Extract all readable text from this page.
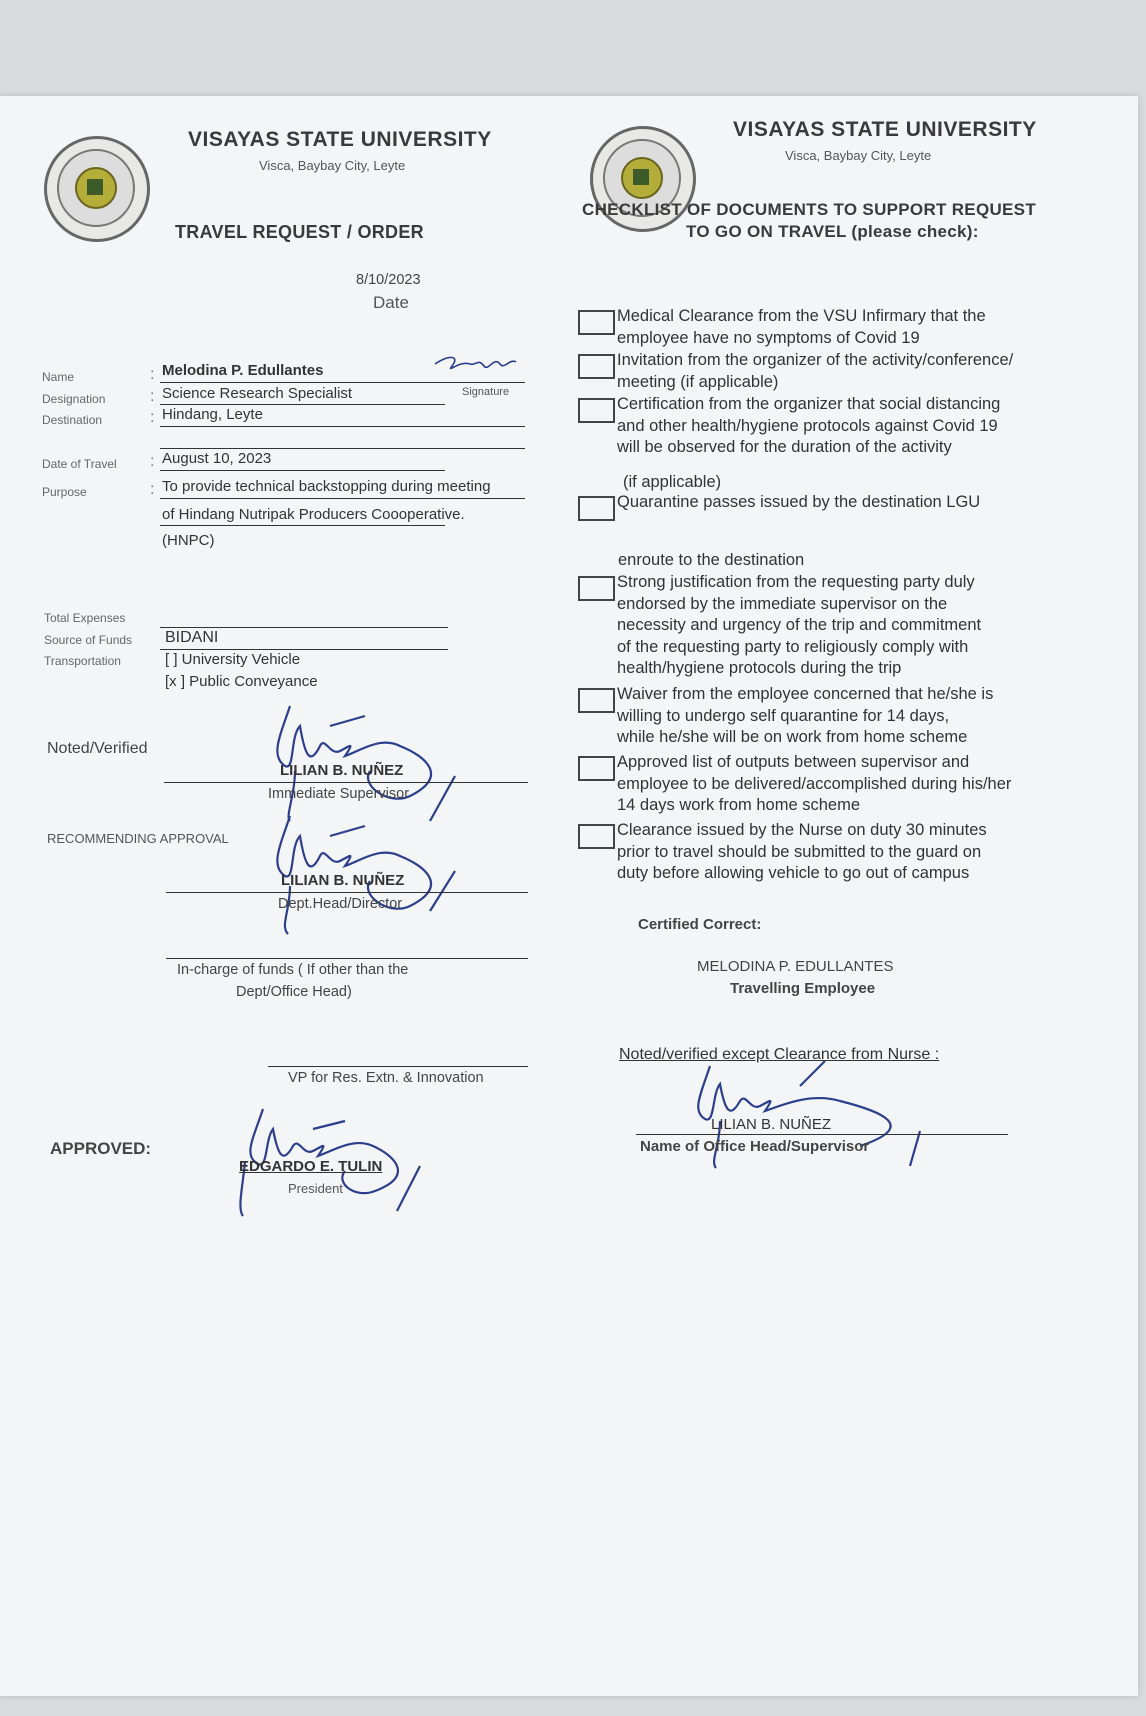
VISAYAS STATE UNIVERSITY
Visca, Baybay City, Leyte
TRAVEL REQUEST / ORDER
8/10/2023
Date
Name	: Melodina P. Edullantes
Signature
Designation	: Science Research Specialist
Destination	: Hindang, Leyte
Date of Travel : August 10, 2023
Purpose	: To provide technical backstopping during meeting
of Hindang Nutripak Producers Coooperative.
(HNPC)
Total Expenses
Source of Funds BIDANI
Transportation	[ ] University Vehicle
[x ] Public Conveyance
Noted/Verified
LILIAN B. NUÑEZ
Immediate Supervisor
RECOMMENDING APPROVAL
LILIAN B. NUÑEZ
Dept.Head/Director
In-charge of funds ( If other than the
Dept/Office Head)
VP for Res. Extn. & Innovation
APPROVED:
EDGARDO E. TULIN
President
VISAYAS STATE UNIVERSITY
Visca, Baybay City, Leyte
CHECKLIST OF DOCUMENTS TO SUPPORT REQUEST
TO GO ON TRAVEL (please check):
Medical Clearance from the VSU Infirmary that the
employee have no symptoms of Covid 19
Invitation from the organizer of the activity/conference/
meeting (if applicable)
Certification from the organizer that social distancing
and other health/hygiene protocols against Covid 19
will be observed for the duration of the activity
(if applicable)
Quarantine passes issued by the destination LGU
enroute to the destination
Strong justification from the requesting party duly
endorsed by the immediate supervisor on the
necessity and urgency of the trip and commitment
of the requesting party to religiously comply with
health/hygiene protocols during the trip
Waiver from the employee concerned that he/she is
willing to undergo self quarantine for 14 days,
while he/she will be on work from home scheme
Approved list of outputs between supervisor and
employee to be delivered/accomplished during his/her
14 days work from home scheme
Clearance issued by the Nurse on duty 30 minutes
prior to travel should be submitted to the guard on
duty before allowing vehicle to go out of campus
Certified Correct:
MELODINA P. EDULLANTES
Travelling Employee
Noted/verified except Clearance from Nurse :
LILIAN B. NUÑEZ
Name of Office Head/Supervisor
